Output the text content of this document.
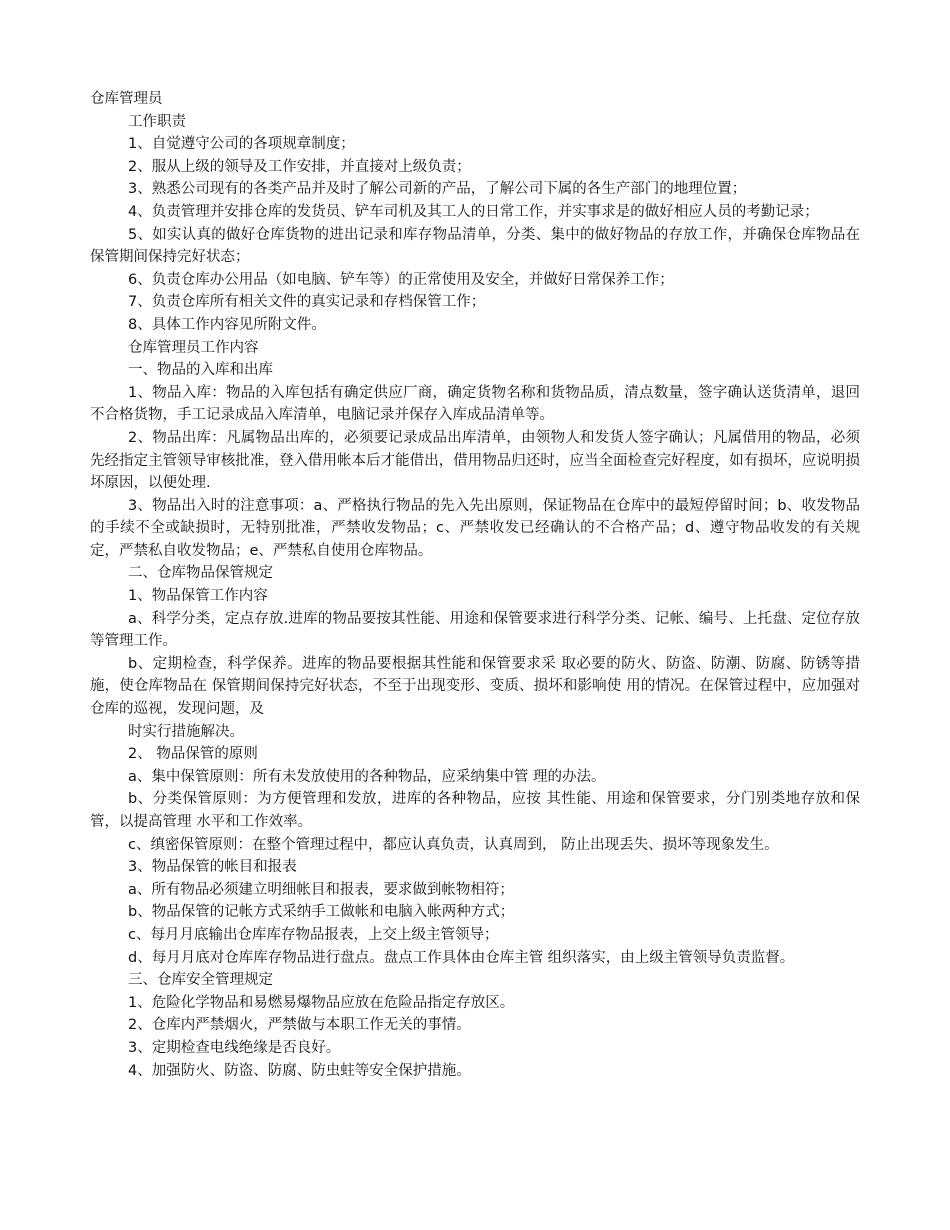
仓库管理员

工作职责

1、自觉遵守公司的各项规章制度；

2、服从上级的领导及工作安排，并直接对上级负责；

3、熟悉公司现有的各类产品并及时了解公司新的产品，了解公司下属的各生产部门的地理位置；

4、负责管理并安排仓库的发货员、铲车司机及其工人的日常工作，并实事求是的做好相应人员的考勤记录；

5、如实认真的做好仓库货物的进出记录和库存物品清单，分类、集中的做好物品的存放工作，并确保仓库物品在保管期间保持完好状态；

6、负责仓库办公用品（如电脑、铲车等）的正常使用及安全，并做好日常保养工作；

7、负责仓库所有相关文件的真实记录和存档保管工作；

8、具体工作内容见所附文件。

仓库管理员工作内容

一、物品的入库和出库

1、物品入库：物品的入库包括有确定供应厂商，确定货物名称和货物品质，清点数量，签字确认送货清单，退回不合格货物，手工记录成品入库清单，电脑记录并保存入库成品清单等。

2、物品出库：凡属物品出库的，必须要记录成品出库清单，由领物人和发货人签字确认；凡属借用的物品，必须先经指定主管领导审核批准，登入借用帐本后才能借出，借用物品归还时，应当全面检查完好程度，如有损坏，应说明损坏原因，以便处理.

3、物品出入时的注意事项：a、严格执行物品的先入先出原则，保证物品在仓库中的最短停留时间；b、收发物品的手续不全或缺损时，无特别批准，严禁收发物品；c、严禁收发已经确认的不合格产品；d、遵守物品收发的有关规定，严禁私自收发物品；e、严禁私自使用仓库物品。

二、仓库物品保管规定

1、物品保管工作内容

a、科学分类，定点存放.进库的物品要按其性能、用途和保管要求进行科学分类、记帐、编号、上托盘、定位存放等管理工作。

b、定期检查，科学保养。进库的物品要根据其性能和保管要求采 取必要的防火、防盗、防潮、防腐、防锈等措施，使仓库物品在 保管期间保持完好状态，不至于出现变形、变质、损坏和影响使 用的情况。在保管过程中，应加强对仓库的巡视，发现问题，及

时实行措施解决。

2、 物品保管的原则

a、集中保管原则：所有未发放使用的各种物品，应采纳集中管 理的办法。

b、分类保管原则：为方便管理和发放，进库的各种物品，应按 其性能、用途和保管要求，分门别类地存放和保管，以提高管理 水平和工作效率。

c、缜密保管原则：在整个管理过程中，都应认真负责，认真周到， 防止出现丢失、损坏等现象发生。

3、物品保管的帐目和报表

a、所有物品必须建立明细帐目和报表，要求做到帐物相符；

b、物品保管的记帐方式采纳手工做帐和电脑入帐两种方式；

c、每月月底输出仓库库存物品报表，上交上级主管领导；

d、每月月底对仓库库存物品进行盘点。盘点工作具体由仓库主管 组织落实，由上级主管领导负责监督。

三、仓库安全管理规定

1、危险化学物品和易燃易爆物品应放在危险品指定存放区。

2、仓库内严禁烟火，严禁做与本职工作无关的事情。

3、定期检查电线绝缘是否良好。

4、加强防火、防盗、防腐、防虫蛀等安全保护措施。
